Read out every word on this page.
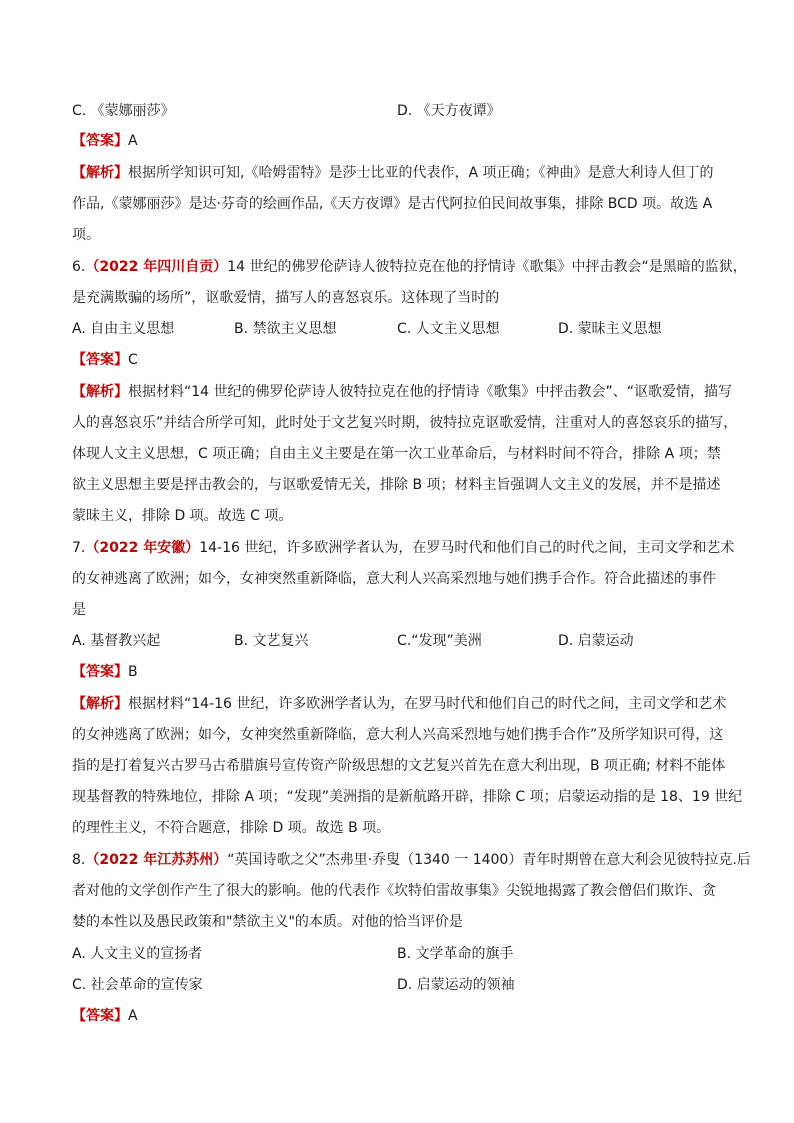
C. 《蒙娜丽莎》	D. 《天方夜谭》
【答案】A
【解析】根据所学知识可知,《哈姆雷特》是莎士比亚的代表作，A 项正确；《神曲》是意大利诗人但丁的
作品,《蒙娜丽莎》是达·芬奇的绘画作品,《天方夜谭》是古代阿拉伯民间故事集，排除 BCD 项。故选 A
项。
6.（2022 年四川自贡）14 世纪的佛罗伦萨诗人彼特拉克在他的抒情诗《歌集》中抨击教会“是黑暗的监狱，
是充满欺骗的场所”，讴歌爱情，描写人的喜怒哀乐。这体现了当时的
A. 自由主义思想	B. 禁欲主义思想	C. 人文主义思想	D. 蒙昧主义思想
【答案】C
【解析】根据材料“14 世纪的佛罗伦萨诗人彼特拉克在他的抒情诗《歌集》中抨击教会”、“讴歌爱情，描写
人的喜怒哀乐”并结合所学可知，此时处于文艺复兴时期，彼特拉克讴歌爱情，注重对人的喜怒哀乐的描写，
体现人文主义思想，C 项正确；自由主义主要是在第一次工业革命后，与材料时间不符合，排除 A 项；禁
欲主义思想主要是抨击教会的，与讴歌爱情无关，排除 B 项；材料主旨强调人文主义的发展，并不是描述
蒙昧主义，排除 D 项。故选 C 项。
7.（2022 年安徽）14-16 世纪，许多欧洲学者认为，在罗马时代和他们自己的时代之间，主司文学和艺术
的女神逃离了欧洲；如今，女神突然重新降临，意大利人兴高采烈地与她们携手合作。符合此描述的事件
是
A. 基督教兴起	B. 文艺复兴	C.“发现”美洲	D. 启蒙运动
【答案】B
【解析】根据材料“14-16 世纪，许多欧洲学者认为，在罗马时代和他们自己的时代之间，主司文学和艺术
的女神逃离了欧洲；如今，女神突然重新降临，意大利人兴高采烈地与她们携手合作”及所学知识可得，这
指的是打着复兴古罗马古希腊旗号宣传资产阶级思想的文艺复兴首先在意大利出现，B 项正确; 材料不能体
现基督教的特殊地位，排除 A 项；“发现”美洲指的是新航路开辟，排除 C 项；启蒙运动指的是 18、19 世纪
的理性主义，不符合题意，排除 D 项。故选 B 项。
8.（2022 年江苏苏州）“英国诗歌之父”杰弗里·乔叟（1340 一 1400）青年时期曾在意大利会见彼特拉克.后
者对他的文学创作产生了很大的影响。他的代表作《坎特伯雷故事集》尖锐地揭露了教会僧侣们欺诈、贪
婪的本性以及愚民政策和"禁欲主义"的本质。对他的恰当评价是
A. 人文主义的宣扬者	B. 文学革命的旗手
C. 社会革命的宣传家	D. 启蒙运动的领袖
【答案】A
